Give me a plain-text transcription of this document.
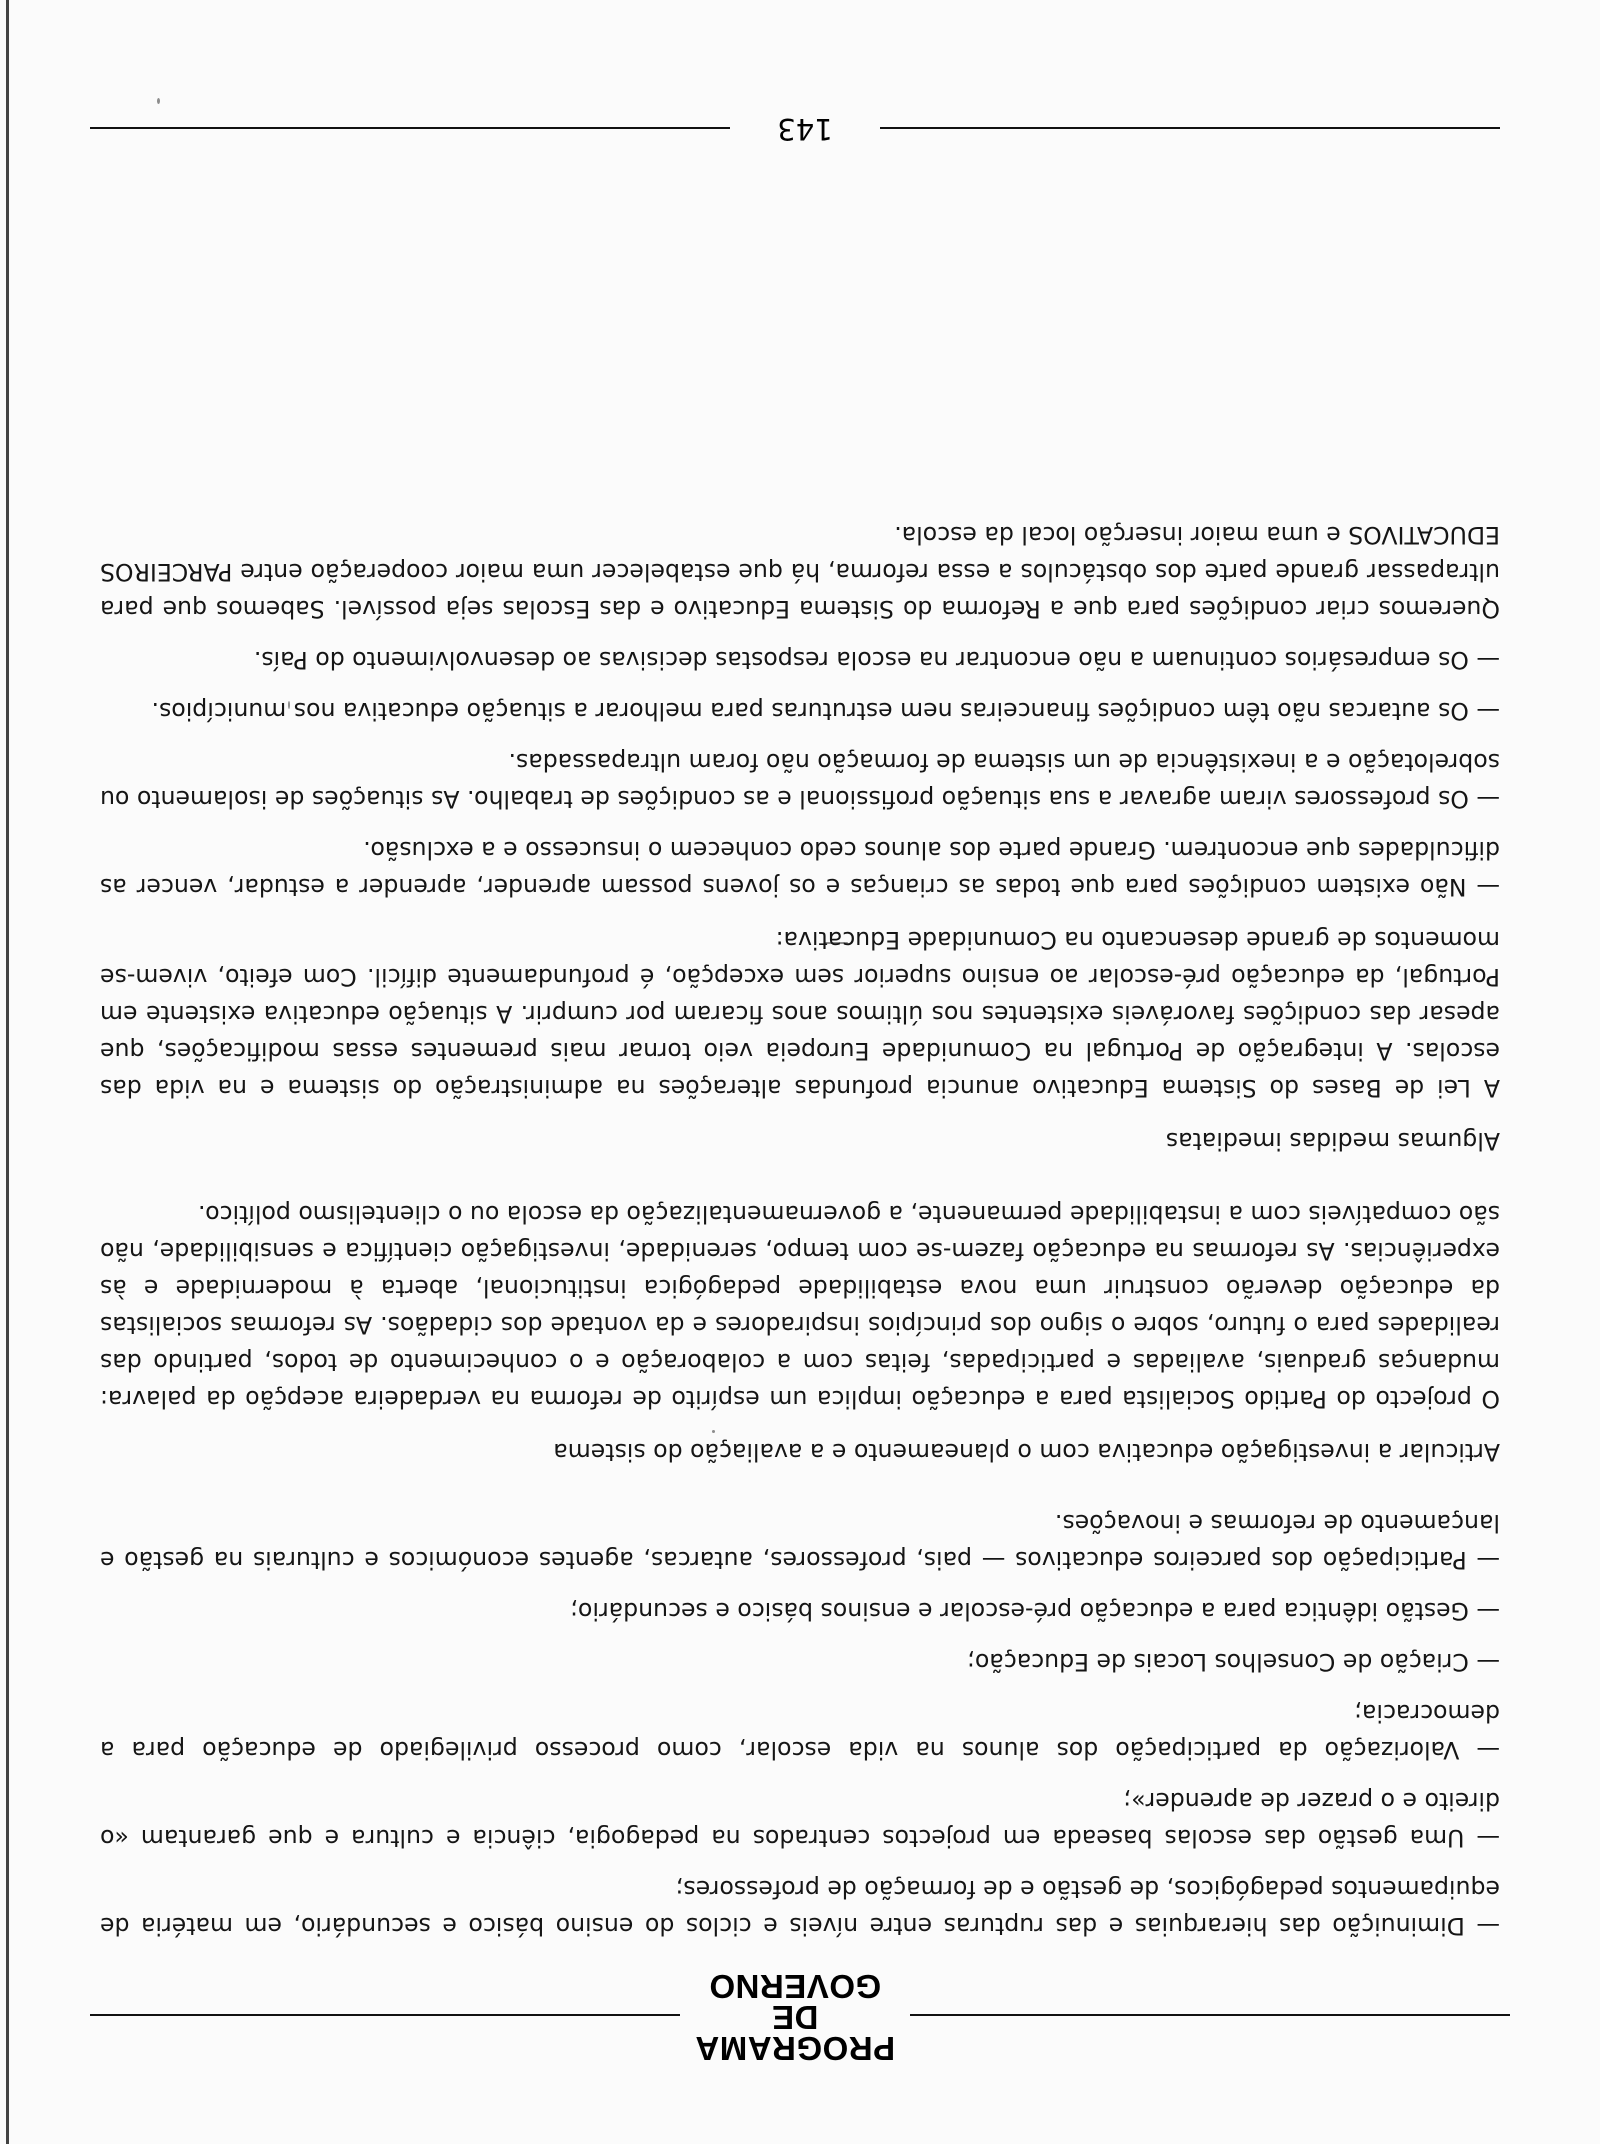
PROGRAMA
DE GOVERNO
— Diminuição das hierarquias e das rupturas entre níveis e ciclos do ensino básico e secundário, em matéria de equipamentos pedagógicos, de gestão e de formação de professores;
— Uma gestão das escolas baseada em projectos centrados na pedagogia, ciência e cultura e que garantam «o direito e o prazer de aprender»;
— Valorização da participação dos alunos na vida escolar, como processo privilegiado de educação para a democracia;
— Criação de Conselhos Locais de Educação;
— Gestão idêntica para a educação pré-escolar e ensinos básico e secundário;
— Participação dos parceiros educativos — pais, professores, autarcas, agentes económicos e culturais na gestão e lançamento de reformas e inovações.
Articular a investigação educativa com o planeamento e a avaliação do sistema
O projecto do Partido Socialista para a educação implica um espírito de reforma na verdadeira acepção da palavra: mudanças graduais, avaliadas e participadas, feitas com a colaboração e o conhecimento de todos, partindo das realidades para o futuro, sobre o signo dos princípios inspiradores e da vontade dos cidadãos. As reformas socialistas da educação deverão construir uma nova estabilidade pedagógica institucional, aberta à modernidade e às experiências. As reformas na educação fazem-se com tempo, serenidade, investigação científica e sensibilidade, não são compatíveis com a instabilidade permanente, a governamentalização da escola ou o clientelismo político.
Algumas medidas imediatas
A Lei de Bases do Sistema Educativo anuncia profundas alterações na administração do sistema e na vida das escolas. A integração de Portugal na Comunidade Europeia veio tornar mais prementes essas modificações, que apesar das condições favoráveis existentes nos últimos anos ficaram por cumprir. A situação educativa existente em Portugal, da educação pré-escolar ao ensino superior sem excepção, é profundamente difícil. Com efeito, vivem-se momentos de grande desencanto na Comunidade Educativa:
— Não existem condições para que todas as crianças e os jovens possam aprender, aprender a estudar, vencer as dificuldades que encontrem. Grande parte dos alunos cedo conhecem o insucesso e a exclusão.
— Os professores viram agravar a sua situação profissional e as condições de trabalho. As situações de isolamento ou sobrelotação e a inexistência de um sistema de formação não foram ultrapassadas.
— Os autarcas não têm condições financeiras nem estruturas para melhorar a situação educativa nos municípios.
— Os empresários continuam a não encontrar na escola respostas decisivas ao desenvolvimento do País.
Queremos criar condições para que a Reforma do Sistema Educativo e das Escolas seja possível. Sabemos que para ultrapassar grande parte dos obstáculos a essa reforma, há que estabelecer uma maior cooperação entre PARCEIROS EDUCATIVOS e uma maior inserção local da escola.
143
